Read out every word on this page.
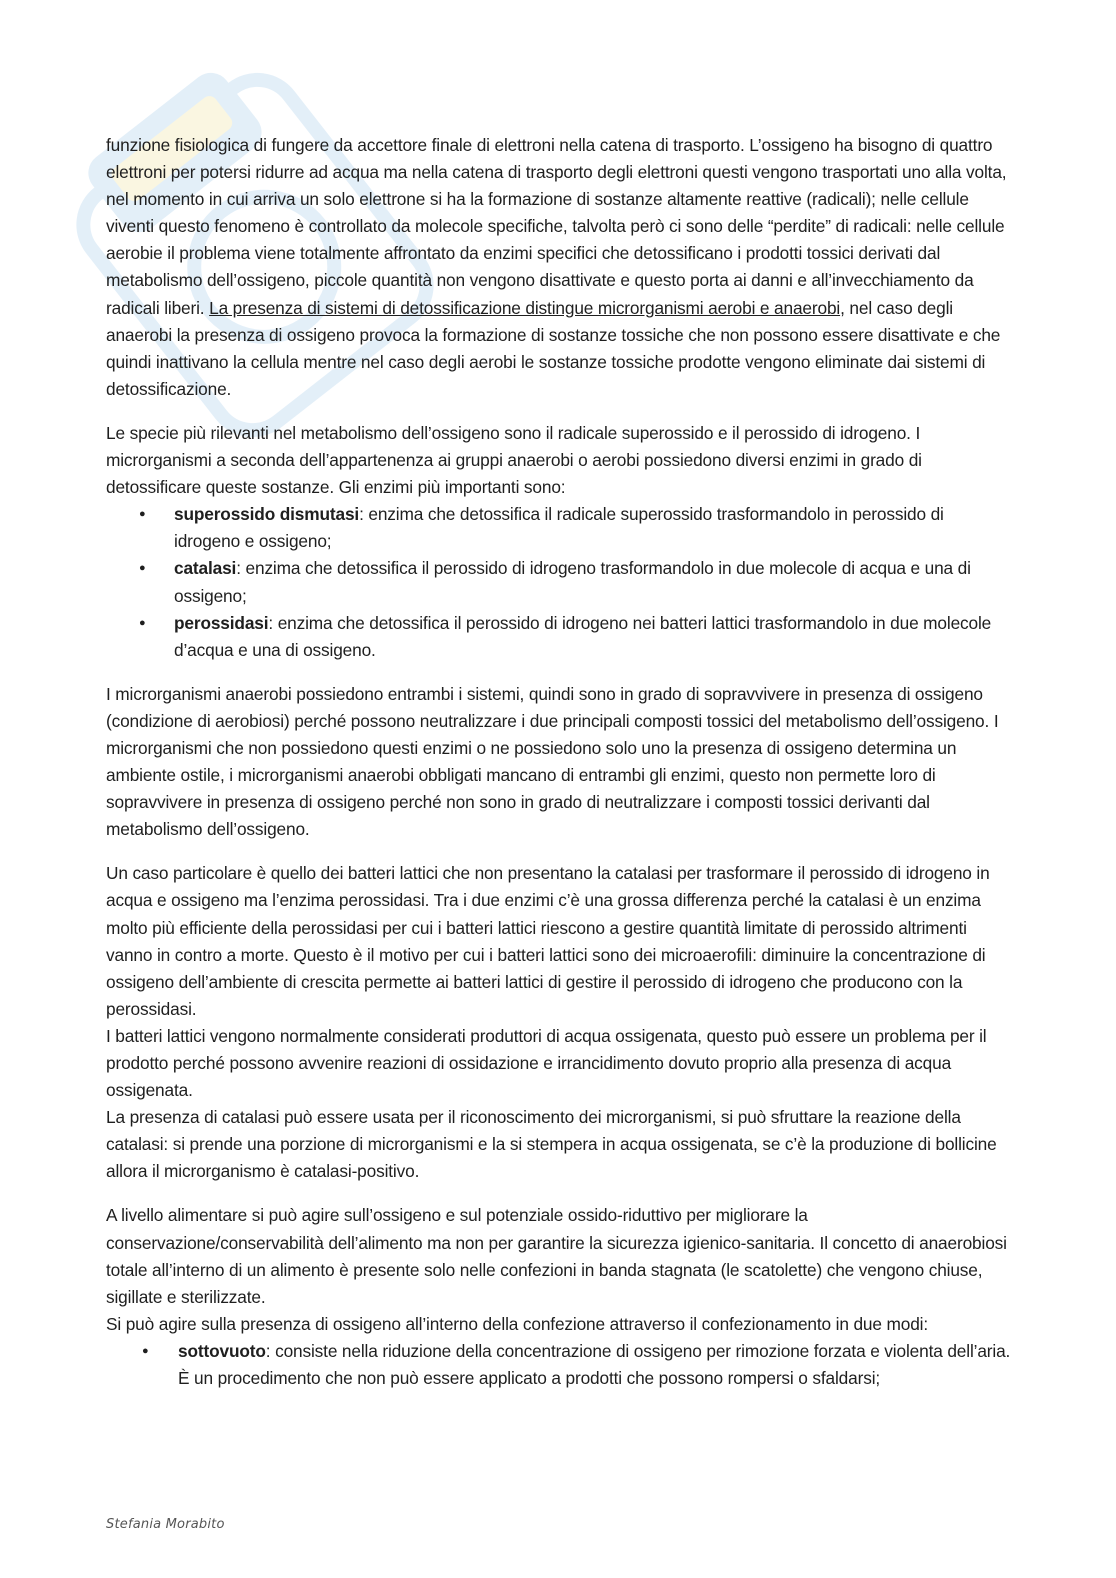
funzione fisiologica di fungere da accettore finale di elettroni nella catena di trasporto. L’ossigeno ha bisogno di quattro elettroni per potersi ridurre ad acqua ma nella catena di trasporto degli elettroni questi vengono trasportati uno alla volta, nel momento in cui arriva un solo elettrone si ha la formazione di sostanze altamente reattive (radicali); nelle cellule viventi questo fenomeno è controllato da molecole specifiche, talvolta però ci sono delle “perdite” di radicali: nelle cellule aerobie il problema viene totalmente affrontato da enzimi specifici che detossificano i prodotti tossici derivati dal metabolismo dell’ossigeno, piccole quantità non vengono disattivate e questo porta ai danni e all’invecchiamento da radicali liberi. La presenza di sistemi di detossificazione distingue microrganismi aerobi e anaerobi, nel caso degli anaerobi la presenza di ossigeno provoca la formazione di sostanze tossiche che non possono essere disattivate e che quindi inattivano la cellula mentre nel caso degli aerobi le sostanze tossiche prodotte vengono eliminate dai sistemi di detossificazione.

Le specie più rilevanti nel metabolismo dell’ossigeno sono il radicale superossido e il perossido di idrogeno. I microrganismi a seconda dell’appartenenza ai gruppi anaerobi o aerobi possiedono diversi enzimi in grado di detossificare queste sostanze. Gli enzimi più importanti sono:

● superossido dismutasi: enzima che detossifica il radicale superossido trasformandolo in perossido di idrogeno e ossigeno;
● catalasi: enzima che detossifica il perossido di idrogeno trasformandolo in due molecole di acqua e una di ossigeno;
● perossidasi: enzima che detossifica il perossido di idrogeno nei batteri lattici trasformandolo in due molecole d’acqua e una di ossigeno.

I microrganismi anaerobi possiedono entrambi i sistemi, quindi sono in grado di sopravvivere in presenza di ossigeno (condizione di aerobiosi) perché possono neutralizzare i due principali composti tossici del metabolismo dell’ossigeno. I microrganismi che non possiedono questi enzimi o ne possiedono solo uno la presenza di ossigeno determina un ambiente ostile, i microrganismi anaerobi obbligati mancano di entrambi gli enzimi, questo non permette loro di sopravvivere in presenza di ossigeno perché non sono in grado di neutralizzare i composti tossici derivanti dal metabolismo dell’ossigeno.

Un caso particolare è quello dei batteri lattici che non presentano la catalasi per trasformare il perossido di idrogeno in acqua e ossigeno ma l’enzima perossidasi. Tra i due enzimi c’è una grossa differenza perché la catalasi è un enzima molto più efficiente della perossidasi per cui i batteri lattici riescono a gestire quantità limitate di perossido altrimenti vanno in contro a morte. Questo è il motivo per cui i batteri lattici sono dei microaerofili: diminuire la concentrazione di ossigeno dell’ambiente di crescita permette ai batteri lattici di gestire il perossido di idrogeno che producono con la perossidasi.

I batteri lattici vengono normalmente considerati produttori di acqua ossigenata, questo può essere un problema per il prodotto perché possono avvenire reazioni di ossidazione e irrancidimento dovuto proprio alla presenza di acqua ossigenata.

La presenza di catalasi può essere usata per il riconoscimento dei microrganismi, si può sfruttare la reazione della catalasi: si prende una porzione di microrganismi e la si stempera in acqua ossigenata, se c’è la produzione di bollicine allora il microrganismo è catalasi-positivo.

A livello alimentare si può agire sull’ossigeno e sul potenziale ossido-riduttivo per migliorare la conservazione/conservabilità dell’alimento ma non per garantire la sicurezza igienico-sanitaria. Il concetto di anaerobiosi totale all’interno di un alimento è presente solo nelle confezioni in banda stagnata (le scatolette) che vengono chiuse, sigillate e sterilizzate.

Si può agire sulla presenza di ossigeno all’interno della confezione attraverso il confezionamento in due modi:

● sottovuoto: consiste nella riduzione della concentrazione di ossigeno per rimozione forzata e violenta dell’aria. È un procedimento che non può essere applicato a prodotti che possono rompersi o sfaldarsi;
Stefania Morabito
